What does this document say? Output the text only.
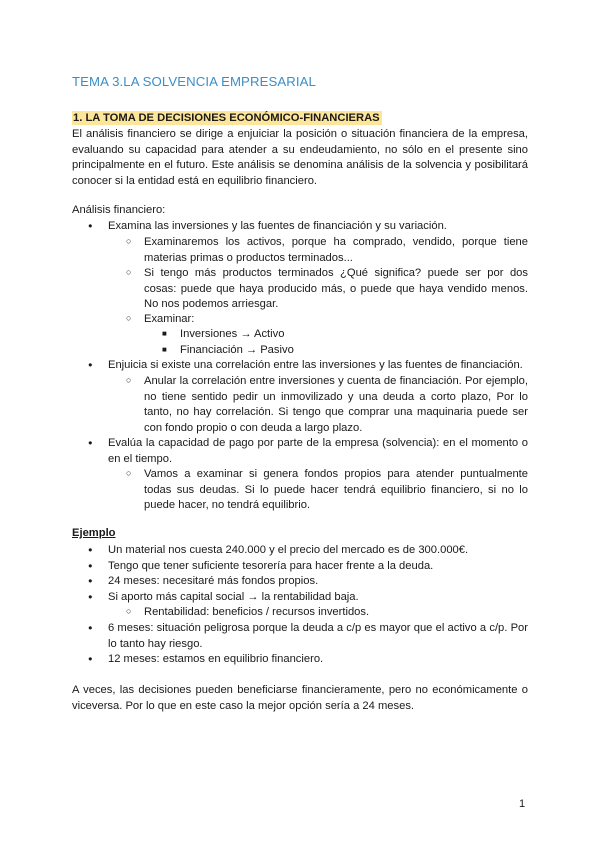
TEMA 3.LA SOLVENCIA EMPRESARIAL
1. LA TOMA DE DECISIONES ECONÓMICO-FINANCIERAS
El análisis financiero se dirige a enjuiciar la posición o situación financiera de la empresa, evaluando su capacidad para atender a su endeudamiento, no sólo en el presente sino principalmente en el futuro. Este análisis se denomina análisis de la solvencia y posibilitará conocer si la entidad está en equilibrio financiero.
Análisis financiero:
●
Examina las inversiones y las fuentes de financiación y su variación.
○
Examinaremos los activos, porque ha comprado, vendido, porque tiene materias primas o productos terminados...
○
Si tengo más productos terminados ¿Qué significa? puede ser por dos cosas: puede que haya producido más, o puede que haya vendido menos. No nos podemos arriesgar.
○
Examinar:
■
Inversiones → Activo
■
Financiación → Pasivo
●
Enjuicia si existe una correlación entre las inversiones y las fuentes de financiación.
○
Anular la correlación entre inversiones y cuenta de financiación. Por ejemplo, no tiene sentido pedir un inmovilizado y una deuda a corto plazo, Por lo tanto, no hay correlación. Si tengo que comprar una maquinaria puede ser con fondo propio o con deuda a largo plazo.
●
Evalúa la capacidad de pago por parte de la empresa (solvencia): en el momento o en el tiempo.
○
Vamos a examinar si genera fondos propios para atender puntualmente todas sus deudas. Si lo puede hacer tendrá equilibrio financiero, si no lo puede hacer, no tendrá equilibrio.
Ejemplo
●
Un material nos cuesta 240.000 y el precio del mercado es de 300.000€.
●
Tengo que tener suficiente tesorería para hacer frente a la deuda.
●
24 meses: necesitaré más fondos propios.
●
Si aporto más capital social → la rentabilidad baja.
○
Rentabilidad: beneficios / recursos invertidos.
●
6 meses: situación peligrosa porque la deuda a c/p es mayor que el activo a c/p. Por lo tanto hay riesgo.
●
12 meses: estamos en equilibrio financiero.
A veces, las decisiones pueden beneficiarse financieramente, pero no económicamente o viceversa. Por lo que en este caso la mejor opción sería a 24 meses.
1
